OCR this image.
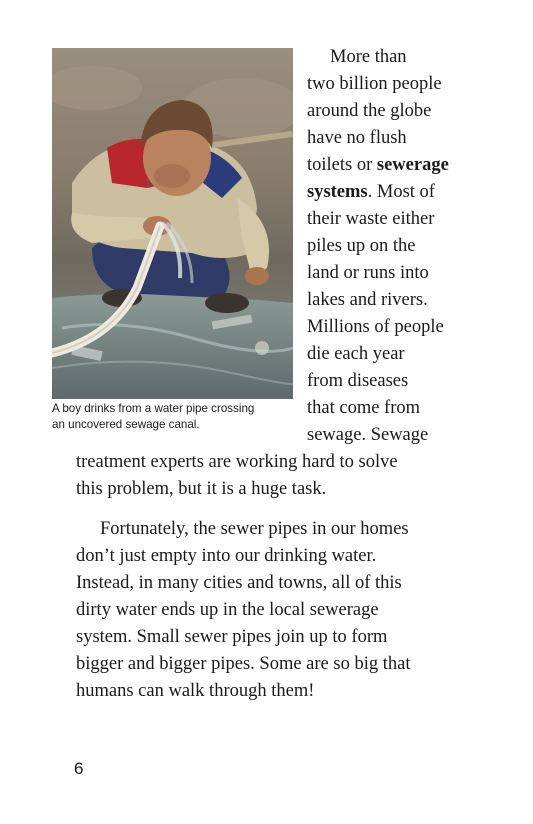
A boy drinks from a water pipe crossing
an uncovered sewage canal.
More than
two billion people
around the globe
have no flush
toilets or sewerage
systems. Most of
their waste either
piles up on the
land or runs into
lakes and rivers.
Millions of people
die each year
from diseases
that come from
sewage. Sewage
treatment experts are working hard to solve
this problem, but it is a huge task.
Fortunately, the sewer pipes in our homes
don’t just empty into our drinking water.
Instead, in many cities and towns, all of this
dirty water ends up in the local sewerage
system. Small sewer pipes join up to form
bigger and bigger pipes. Some are so big that
humans can walk through them!
6
